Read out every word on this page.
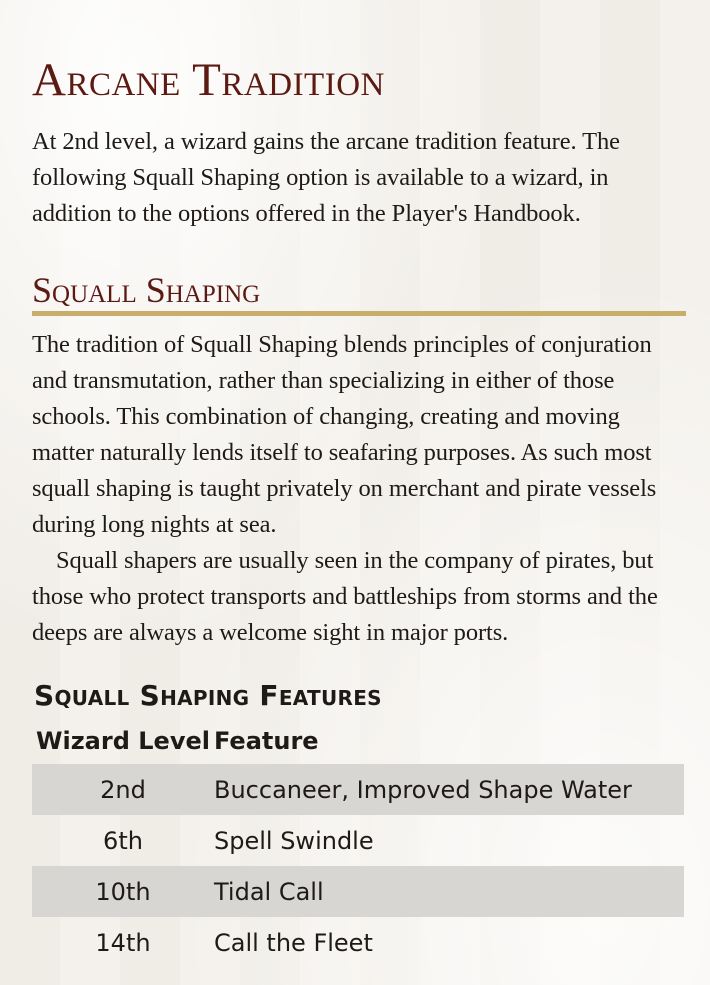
Arcane Tradition

At 2nd level, a wizard gains the arcane tradition feature. The following Squall Shaping option is available to a wizard, in addition to the options offered in the Player's Handbook.

Squall Shaping

The tradition of Squall Shaping blends principles of conjuration and transmutation, rather than specializing in either of those schools. This combination of changing, creating and moving matter naturally lends itself to seafaring purposes. As such most squall shaping is taught privately on merchant and pirate vessels during long nights at sea.

Squall shapers are usually seen in the company of pirates, but those who protect transports and battleships from storms and the deeps are always a welcome sight in major ports.

Squall Shaping Features
Wizard Level	Feature
2nd	Buccaneer, Improved Shape Water
6th	Spell Swindle
10th	Tidal Call
14th	Call the Fleet
